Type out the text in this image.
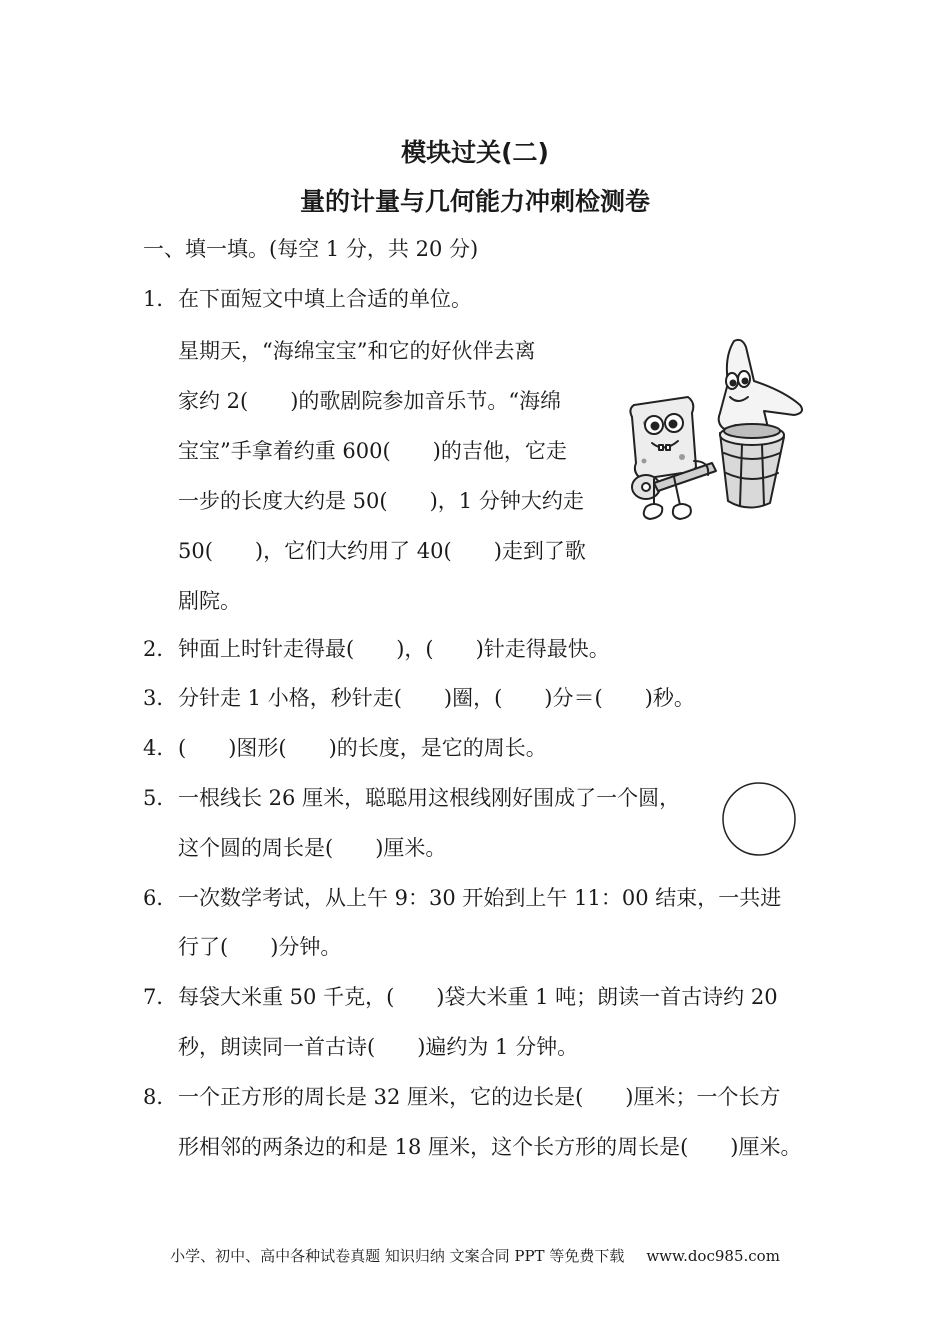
模块过关(二)
量的计量与几何能力冲刺检测卷
一、填一填。(每空 1 分，共 20 分)
1． 在下面短文中填上合适的单位。
星期天，“海绵宝宝”和它的好伙伴去离
家约 2(　　)的歌剧院参加音乐节。“海绵
宝宝”手拿着约重 600(　　)的吉他，它走
一步的长度大约是 50(　　)，1 分钟大约走
50(　　)，它们大约用了 40(　　)走到了歌
剧院。
2． 钟面上时针走得最(　　)，(　　)针走得最快。
3． 分针走 1 小格，秒针走(　　)圈，(　　)分＝(　　)秒。
4． (　　)图形(　　)的长度，是它的周长。
5． 一根线长 26 厘米，聪聪用这根线刚好围成了一个圆，
这个圆的周长是(　　)厘米。
6． 一次数学考试，从上午 9：30 开始到上午 11：00 结束，一共进
行了(　　)分钟。
7． 每袋大米重 50 千克，(　　)袋大米重 1 吨；朗读一首古诗约 20
秒，朗读同一首古诗(　　)遍约为 1 分钟。
8． 一个正方形的周长是 32 厘米，它的边长是(　　)厘米；一个长方
形相邻的两条边的和是 18 厘米，这个长方形的周长是(　　)厘米。
小学、初中、高中各种试卷真题 知识归纳 文案合同 PPT 等免费下载 www.doc985.com
